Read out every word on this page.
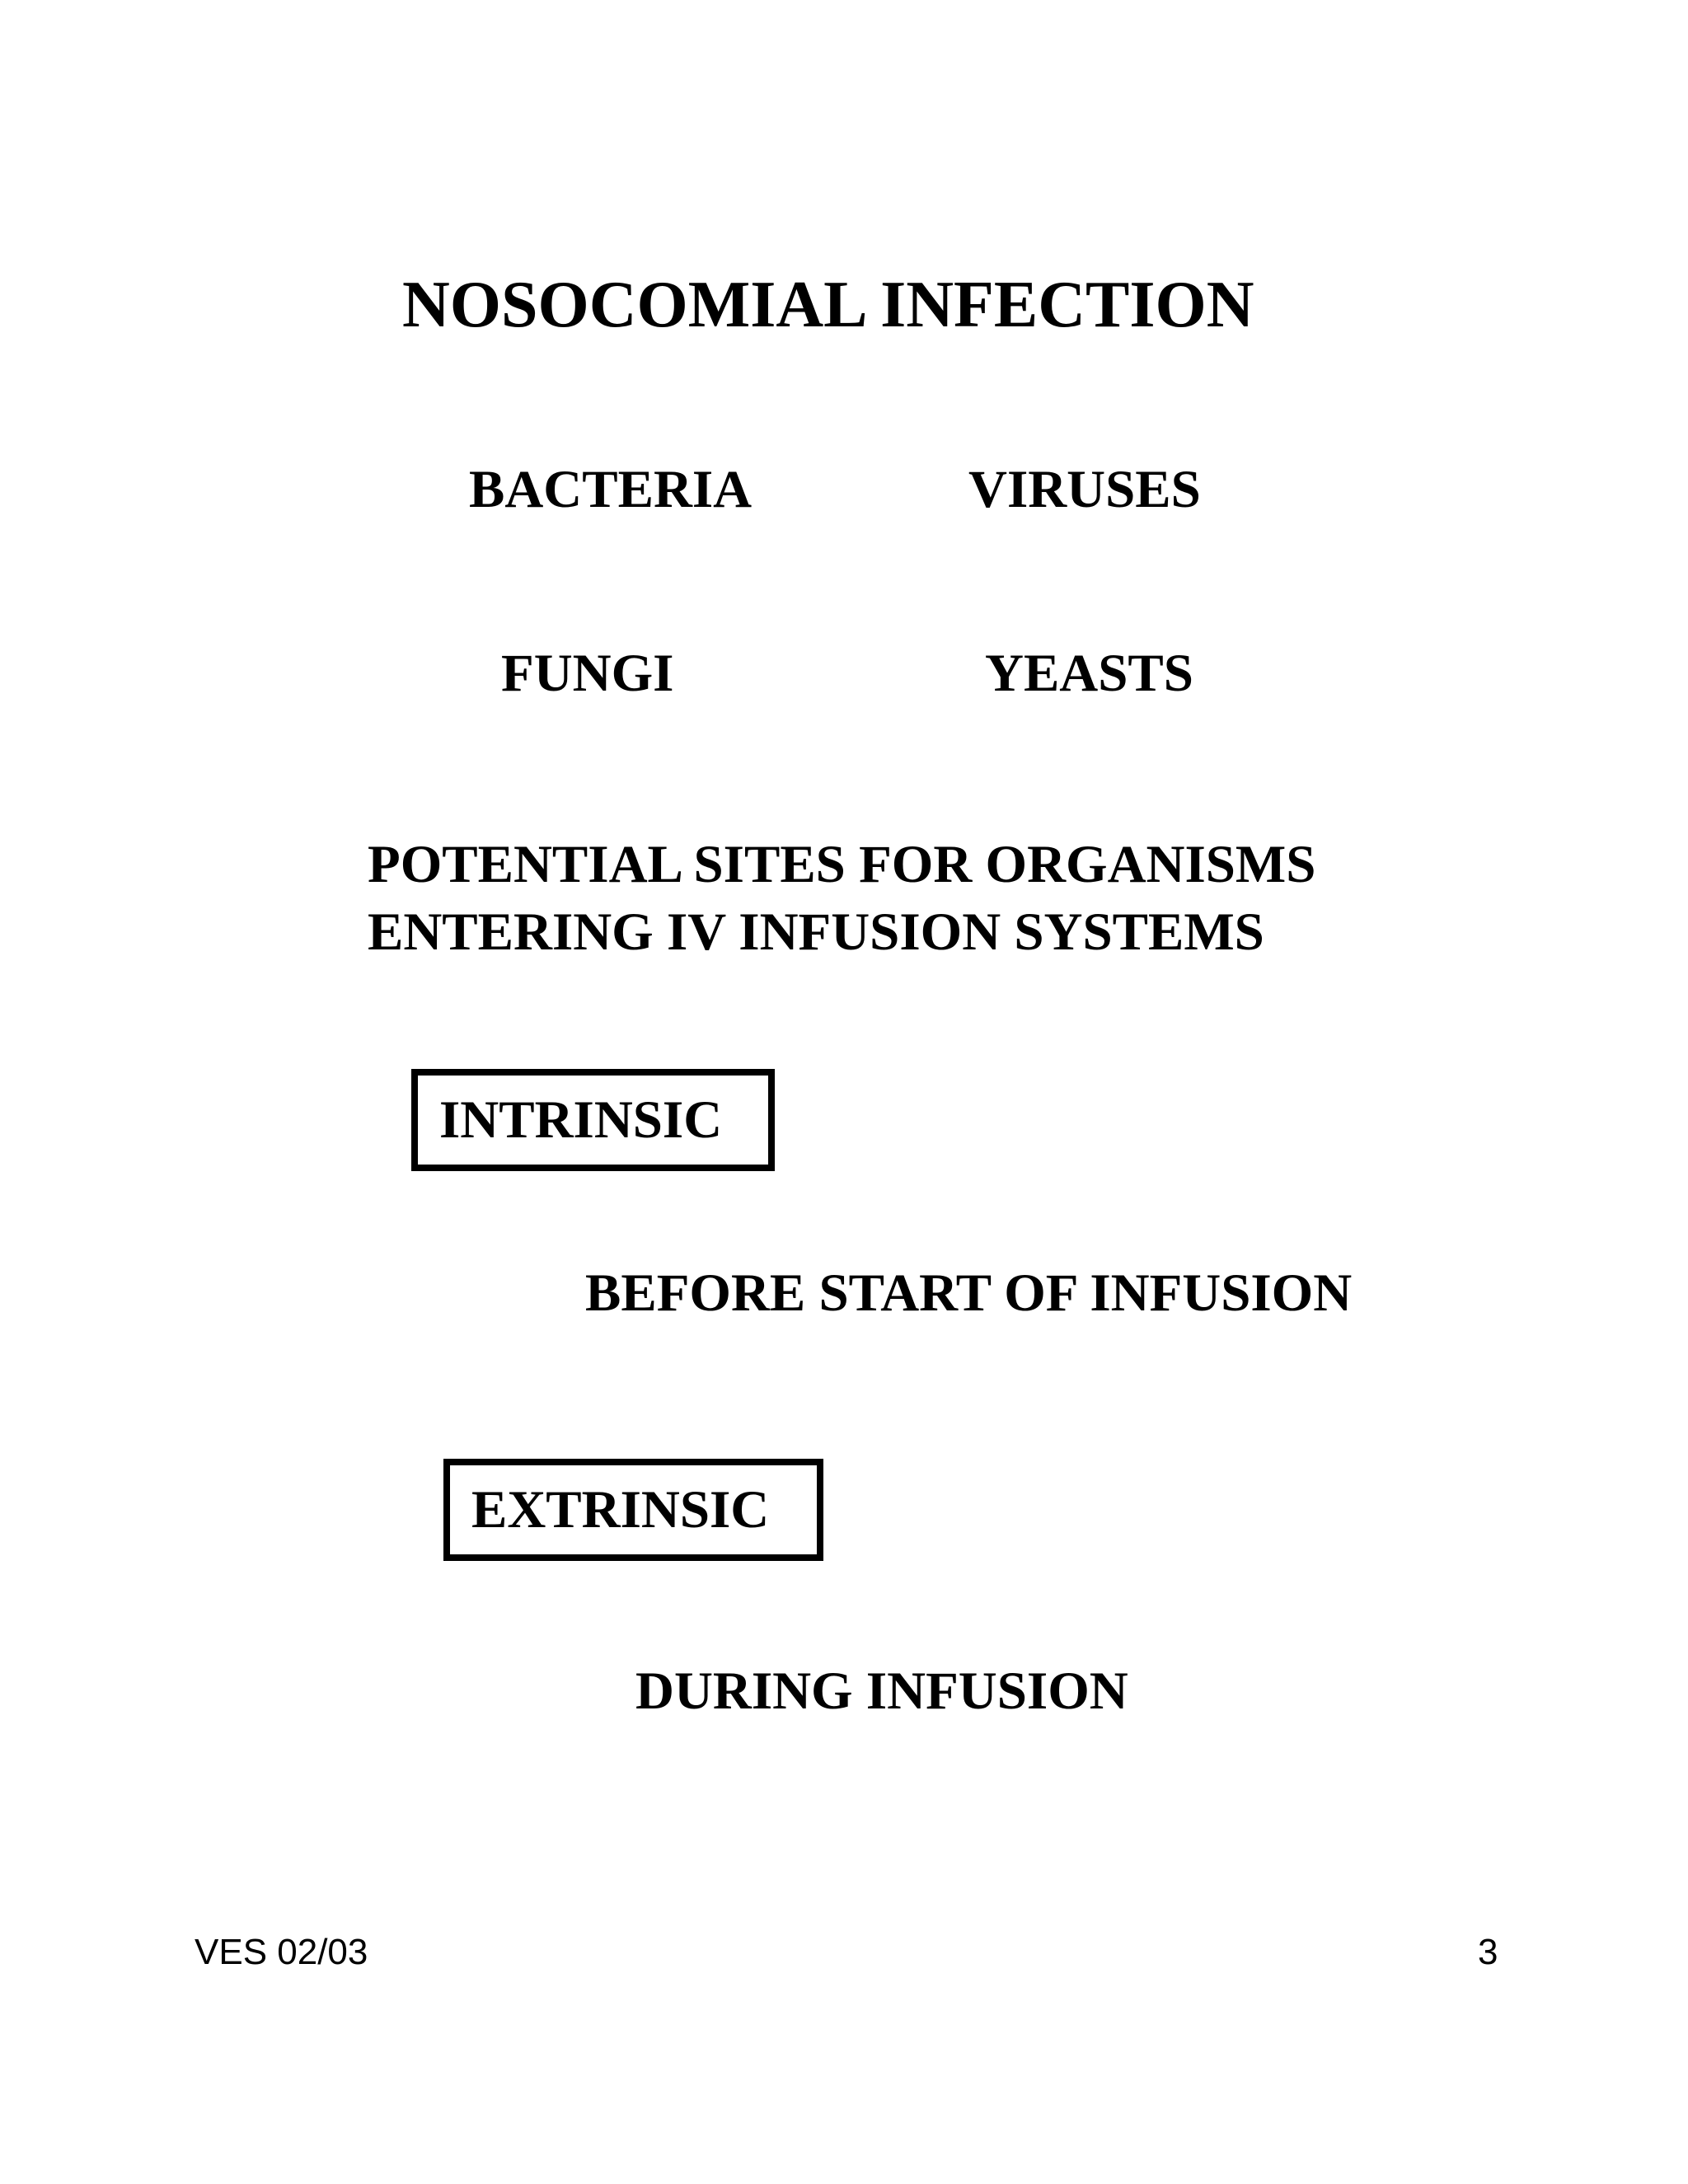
NOSOCOMIAL INFECTION
BACTERIA	VIRUSES
FUNGI	YEASTS
POTENTIAL SITES FOR ORGANISMS
ENTERING IV INFUSION SYSTEMS
INTRINSIC
BEFORE START OF INFUSION
EXTRINSIC
DURING INFUSION
VES 02/03	3
